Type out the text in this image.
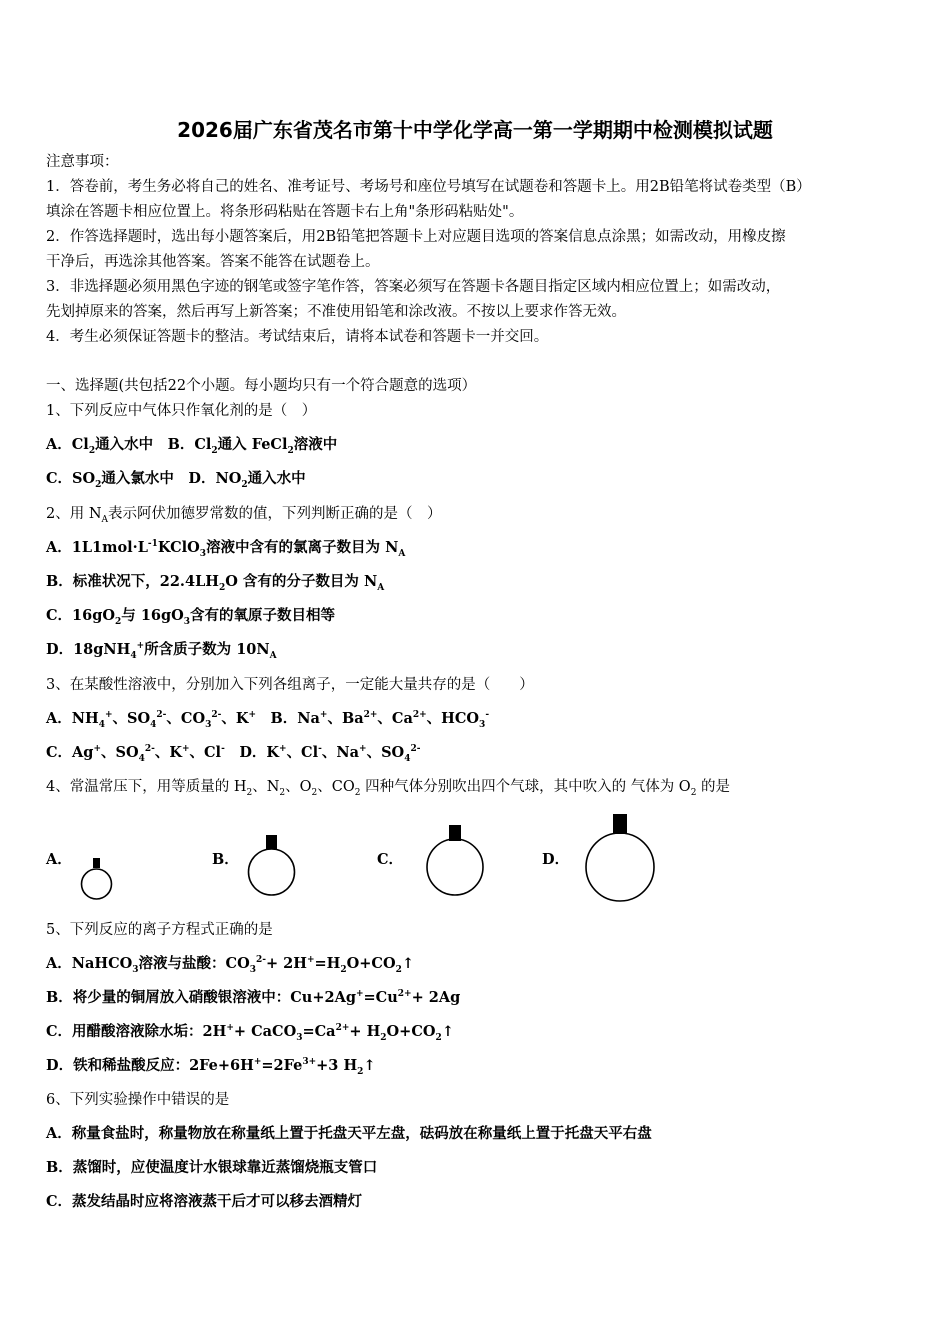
2026届广东省茂名市第十中学化学高一第一学期期中检测模拟试题
注意事项：
1．答卷前，考生务必将自己的姓名、准考证号、考场号和座位号填写在试题卷和答题卡上。用2B铅笔将试卷类型（B）
填涂在答题卡相应位置上。将条形码粘贴在答题卡右上角"条形码粘贴处"。
2．作答选择题时，选出每小题答案后，用2B铅笔把答题卡上对应题目选项的答案信息点涂黑；如需改动，用橡皮擦
干净后，再选涂其他答案。答案不能答在试题卷上。
3．非选择题必须用黑色字迹的钢笔或签字笔作答，答案必须写在答题卡各题目指定区域内相应位置上；如需改动，
先划掉原来的答案，然后再写上新答案；不准使用铅笔和涂改液。不按以上要求作答无效。
4．考生必须保证答题卡的整洁。考试结束后，请将本试卷和答题卡一并交回。
一、选择题(共包括22个小题。每小题均只有一个符合题意的选项）
1、下列反应中气体只作氧化剂的是（　）
A．$Cl_2$通入水中　B．$Cl_2$通入 FeCl$_2$溶液中
C．$SO_2$通入氯水中　D．$NO_2$通入水中
2、用 $N_A$表示阿伏加德罗常数的值，下列判断正确的是（　）
A．$1L1mol\cdot L^{-1}KClO_3$溶液中含有的氯离子数目为 $N_A$
B．标准状况下，$22.4LH_2O$ 含有的分子数目为 $N_A$
C．$16gO_2$与 $16gO_3$含有的氧原子数目相等
D．18gNH$_4$+所含质子数为 $10N_A$
3、在某酸性溶液中，分别加入下列各组离子，一定能大量共存的是（　　）
A．$NH_4^+$、$SO_4^{2-}$、$CO_3^{2-}$、K+　B．Na+、$Ba^{2+}$、$Ca^{2+}$、$HCO_3^-$
C．Ag+、$SO_4^{2-}$、K+、Cl-　D．K+、Cl-、Na+、$SO_4^{2-}$
4、常温常压下，用等质量的 $H_2$、$N_2$、$O_2$、$CO_2$ 四种气体分别吹出四个气球，其中吹入的 气体为 $O_2$ 的是
A．	B．	C．	D．
5、下列反应的离子方程式正确的是
A．NaHCO$_3$溶液与盐酸：$CO_3^{2-}+$ $2H^+=H_2O+CO_2↑$
B．将少量的铜屑放入硝酸银溶液中：$Cu+2Ag^+=Cu^{2+}+ 2Ag$
C．用醋酸溶液除水垢：$2H^++ CaCO_3=Ca^{2+}+$ $H_2O+CO_2↑$
D．铁和稀盐酸反应：$2Fe+6H^+=2Fe^{3+}+3$ $H_2↑$
6、下列实验操作中错误的是
A．称量食盐时，称量物放在称量纸上置于托盘天平左盘，砝码放在称量纸上置于托盘天平右盘
B．蒸馏时，应使温度计水银球靠近蒸馏烧瓶支管口
C．蒸发结晶时应将溶液蒸干后才可以移去酒精灯
